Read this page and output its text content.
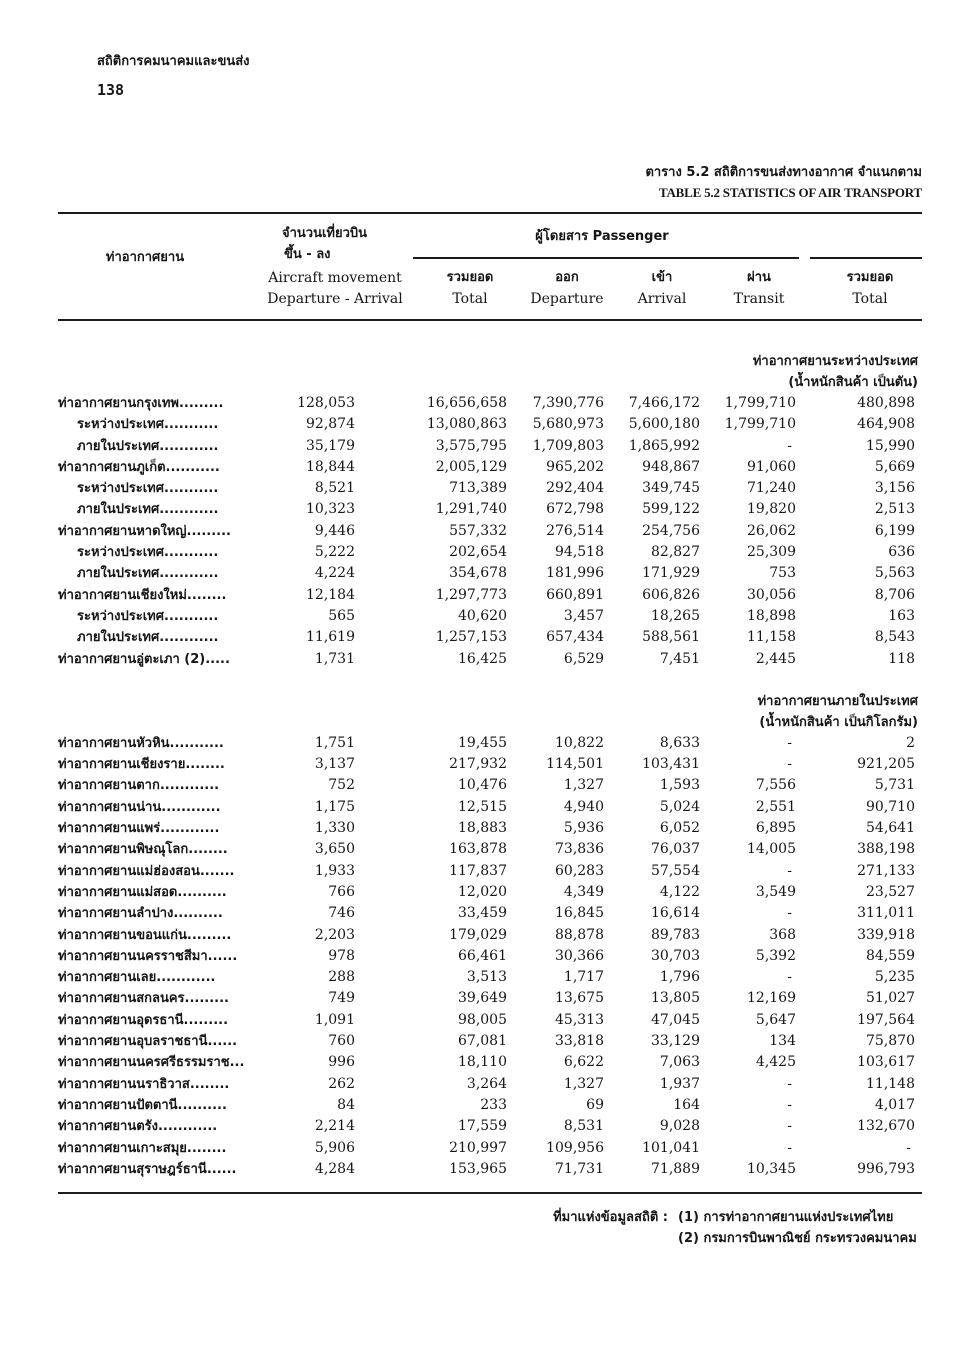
สถิติการคมนาคมและขนส่ง
138
ตาราง 5.2 สถิติการขนส่งทางอากาศ จำแนกตาม
TABLE 5.2 STATISTICS OF AIR TRANSPORT
ท่าอากาศยาน
จำนวนเที่ยวบิน
ขึ้น - ลง
Aircraft movement
Departure - Arrival
ผู้โดยสาร Passenger
รวมยอด
Total
ออก
Departure
เข้า
Arrival
ผ่าน
Transit
รวมยอด
Total
ท่าอากาศยานระหว่างประเทศ
(น้ำหนักสินค้า เป็นตัน)
ท่าอากาศยานกรุงเทพ.........	128,053	16,656,658	7,390,776	7,466,172	1,799,710	480,898
ระหว่างประเทศ...........	92,874	13,080,863	5,680,973	5,600,180	1,799,710	464,908
ภายในประเทศ............	35,179	3,575,795	1,709,803	1,865,992	-	15,990
ท่าอากาศยานภูเก็ต...........	18,844	2,005,129	965,202	948,867	91,060	5,669
ระหว่างประเทศ...........	8,521	713,389	292,404	349,745	71,240	3,156
ภายในประเทศ............	10,323	1,291,740	672,798	599,122	19,820	2,513
ท่าอากาศยานหาดใหญ่.........	9,446	557,332	276,514	254,756	26,062	6,199
ระหว่างประเทศ...........	5,222	202,654	94,518	82,827	25,309	636
ภายในประเทศ............	4,224	354,678	181,996	171,929	753	5,563
ท่าอากาศยานเชียงใหม่........	12,184	1,297,773	660,891	606,826	30,056	8,706
ระหว่างประเทศ...........	565	40,620	3,457	18,265	18,898	163
ภายในประเทศ............	11,619	1,257,153	657,434	588,561	11,158	8,543
ท่าอากาศยานอู่ตะเภา (2).....	1,731	16,425	6,529	7,451	2,445	118
ท่าอากาศยานภายในประเทศ
(น้ำหนักสินค้า เป็นกิโลกรัม)
ท่าอากาศยานหัวหิน...........	1,751	19,455	10,822	8,633	-	2
ท่าอากาศยานเชียงราย........	3,137	217,932	114,501	103,431	-	921,205
ท่าอากาศยานตาก............	752	10,476	1,327	1,593	7,556	5,731
ท่าอากาศยานน่าน............	1,175	12,515	4,940	5,024	2,551	90,710
ท่าอากาศยานแพร่............	1,330	18,883	5,936	6,052	6,895	54,641
ท่าอากาศยานพิษณุโลก........	3,650	163,878	73,836	76,037	14,005	388,198
ท่าอากาศยานแม่ฮ่องสอน.......	1,933	117,837	60,283	57,554	-	271,133
ท่าอากาศยานแม่สอด..........	766	12,020	4,349	4,122	3,549	23,527
ท่าอากาศยานลำปาง..........	746	33,459	16,845	16,614	-	311,011
ท่าอากาศยานขอนแก่น.........	2,203	179,029	88,878	89,783	368	339,918
ท่าอากาศยานนครราชสีมา......	978	66,461	30,366	30,703	5,392	84,559
ท่าอากาศยานเลย............	288	3,513	1,717	1,796	-	5,235
ท่าอากาศยานสกลนคร.........	749	39,649	13,675	13,805	12,169	51,027
ท่าอากาศยานอุดรธานี.........	1,091	98,005	45,313	47,045	5,647	197,564
ท่าอากาศยานอุบลราชธานี......	760	67,081	33,818	33,129	134	75,870
ท่าอากาศยานนครศรีธรรมราช...	996	18,110	6,622	7,063	4,425	103,617
ท่าอากาศยานนราธิวาส........	262	3,264	1,327	1,937	-	11,148
ท่าอากาศยานปัตตานี..........	84	233	69	164	-	4,017
ท่าอากาศยานตรัง............	2,214	17,559	8,531	9,028	-	132,670
ท่าอากาศยานเกาะสมุย........	5,906	210,997	109,956	101,041	-	-
ท่าอากาศยานสุราษฎร์ธานี......	4,284	153,965	71,731	71,889	10,345	996,793
ที่มาแห่งข้อมูลสถิติ : (1) การท่าอากาศยานแห่งประเทศไทย
(2) กรมการบินพาณิชย์ กระทรวงคมนาคม
